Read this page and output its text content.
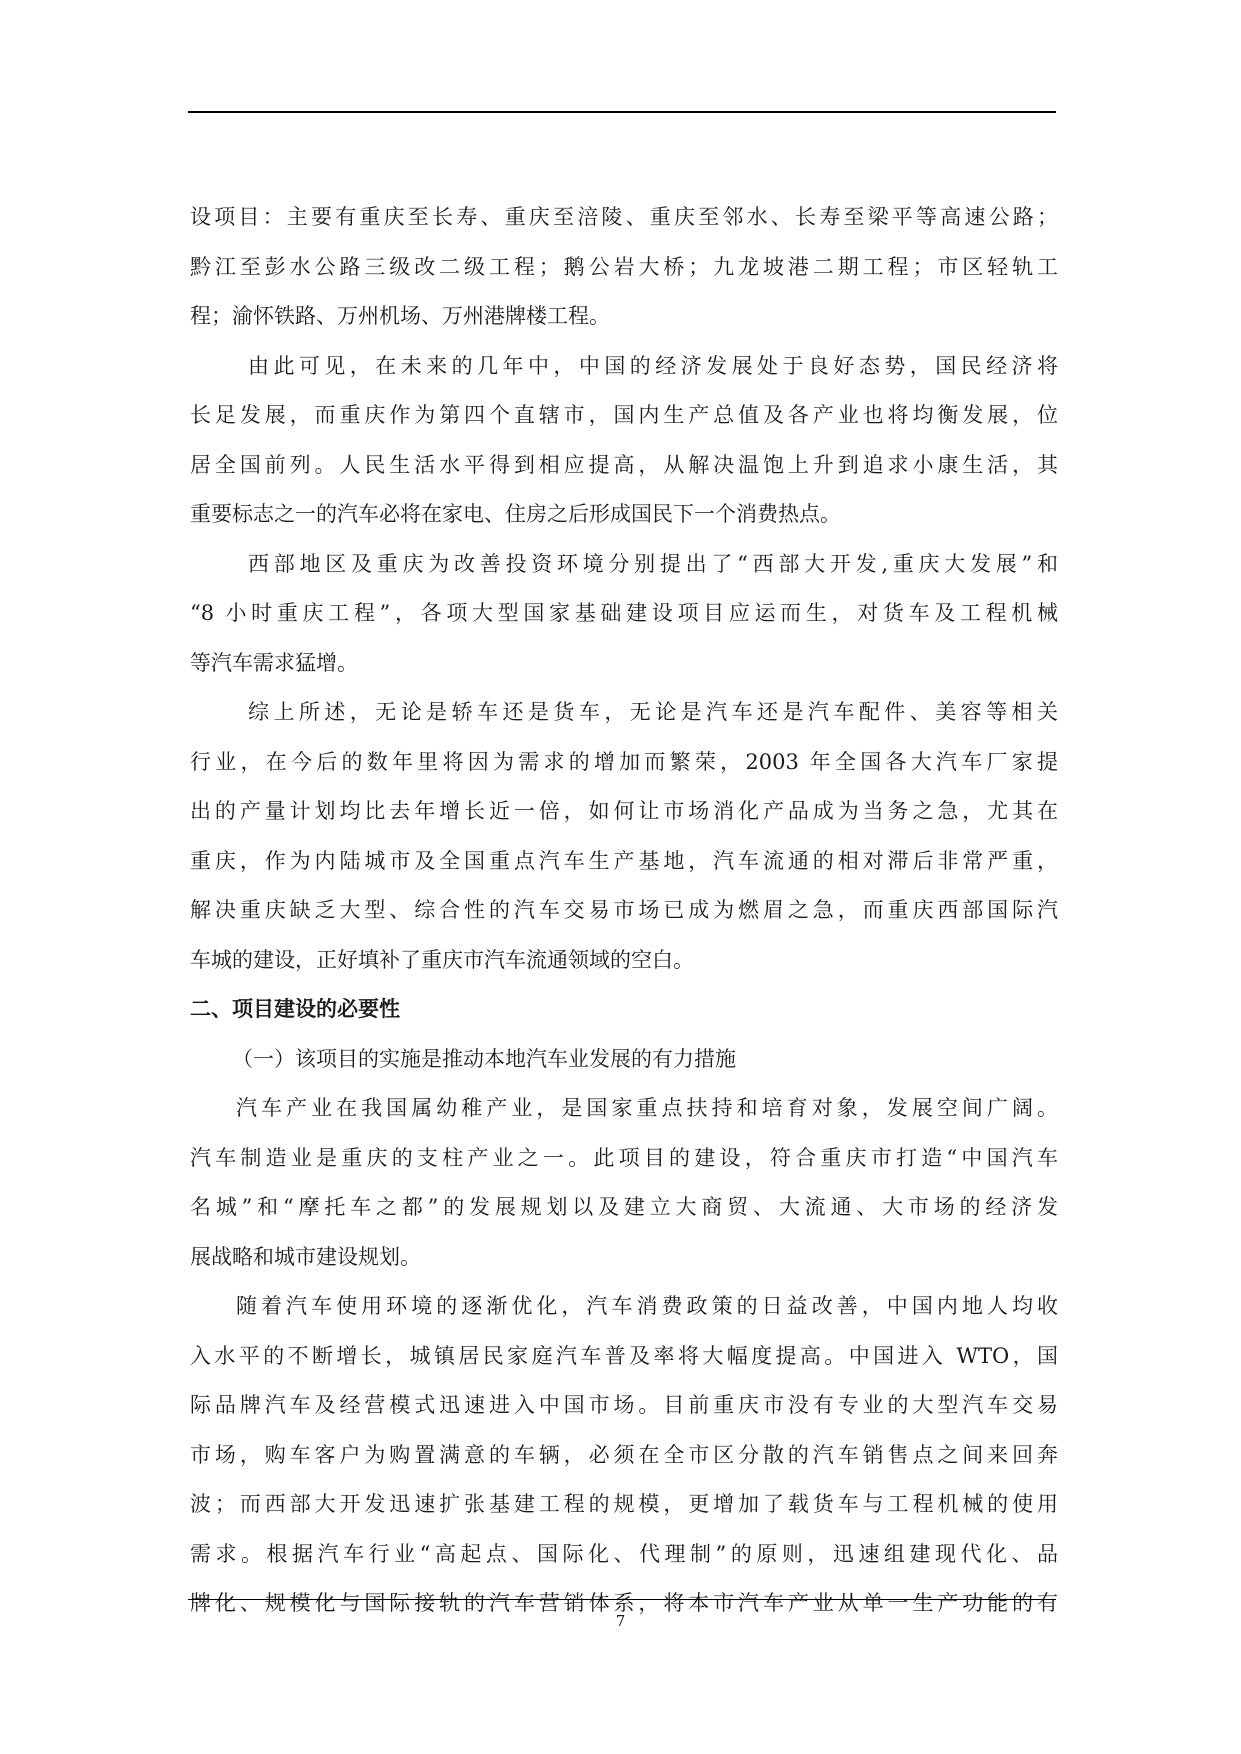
设项目：主要有重庆至长寿、重庆至涪陵、重庆至邻水、长寿至梁平等高速公路；
黔江至彭水公路三级改二级工程；鹅公岩大桥；九龙坡港二期工程；市区轻轨工
程；渝怀铁路、万州机场、万州港牌楼工程。
由此可见，在未来的几年中，中国的经济发展处于良好态势，国民经济将
长足发展，而重庆作为第四个直辖市，国内生产总值及各产业也将均衡发展，位
居全国前列。人民生活水平得到相应提高，从解决温饱上升到追求小康生活，其
重要标志之一的汽车必将在家电、住房之后形成国民下一个消费热点。
西部地区及重庆为改善投资环境分别提出了“西部大开发,重庆大发展”和
“8 小时重庆工程”，各项大型国家基础建设项目应运而生，对货车及工程机械
等汽车需求猛增。
综上所述，无论是轿车还是货车，无论是汽车还是汽车配件、美容等相关
行业，在今后的数年里将因为需求的增加而繁荣，2003 年全国各大汽车厂家提
出的产量计划均比去年增长近一倍，如何让市场消化产品成为当务之急，尤其在
重庆，作为内陆城市及全国重点汽车生产基地，汽车流通的相对滞后非常严重，
解决重庆缺乏大型、综合性的汽车交易市场已成为燃眉之急，而重庆西部国际汽
车城的建设，正好填补了重庆市汽车流通领域的空白。
二、项目建设的必要性
（一）该项目的实施是推动本地汽车业发展的有力措施
汽车产业在我国属幼稚产业，是国家重点扶持和培育对象，发展空间广阔。
汽车制造业是重庆的支柱产业之一。此项目的建设，符合重庆市打造“中国汽车
名城”和“摩托车之都”的发展规划以及建立大商贸、大流通、大市场的经济发
展战略和城市建设规划。
随着汽车使用环境的逐渐优化，汽车消费政策的日益改善，中国内地人均收
入水平的不断增长，城镇居民家庭汽车普及率将大幅度提高。中国进入 WTO，国
际品牌汽车及经营模式迅速进入中国市场。目前重庆市没有专业的大型汽车交易
市场，购车客户为购置满意的车辆，必须在全市区分散的汽车销售点之间来回奔
波；而西部大开发迅速扩张基建工程的规模，更增加了载货车与工程机械的使用
需求。根据汽车行业“高起点、国际化、代理制”的原则，迅速组建现代化、品
牌化、规模化与国际接轨的汽车营销体系，将本市汽车产业从单一生产功能的有
7
